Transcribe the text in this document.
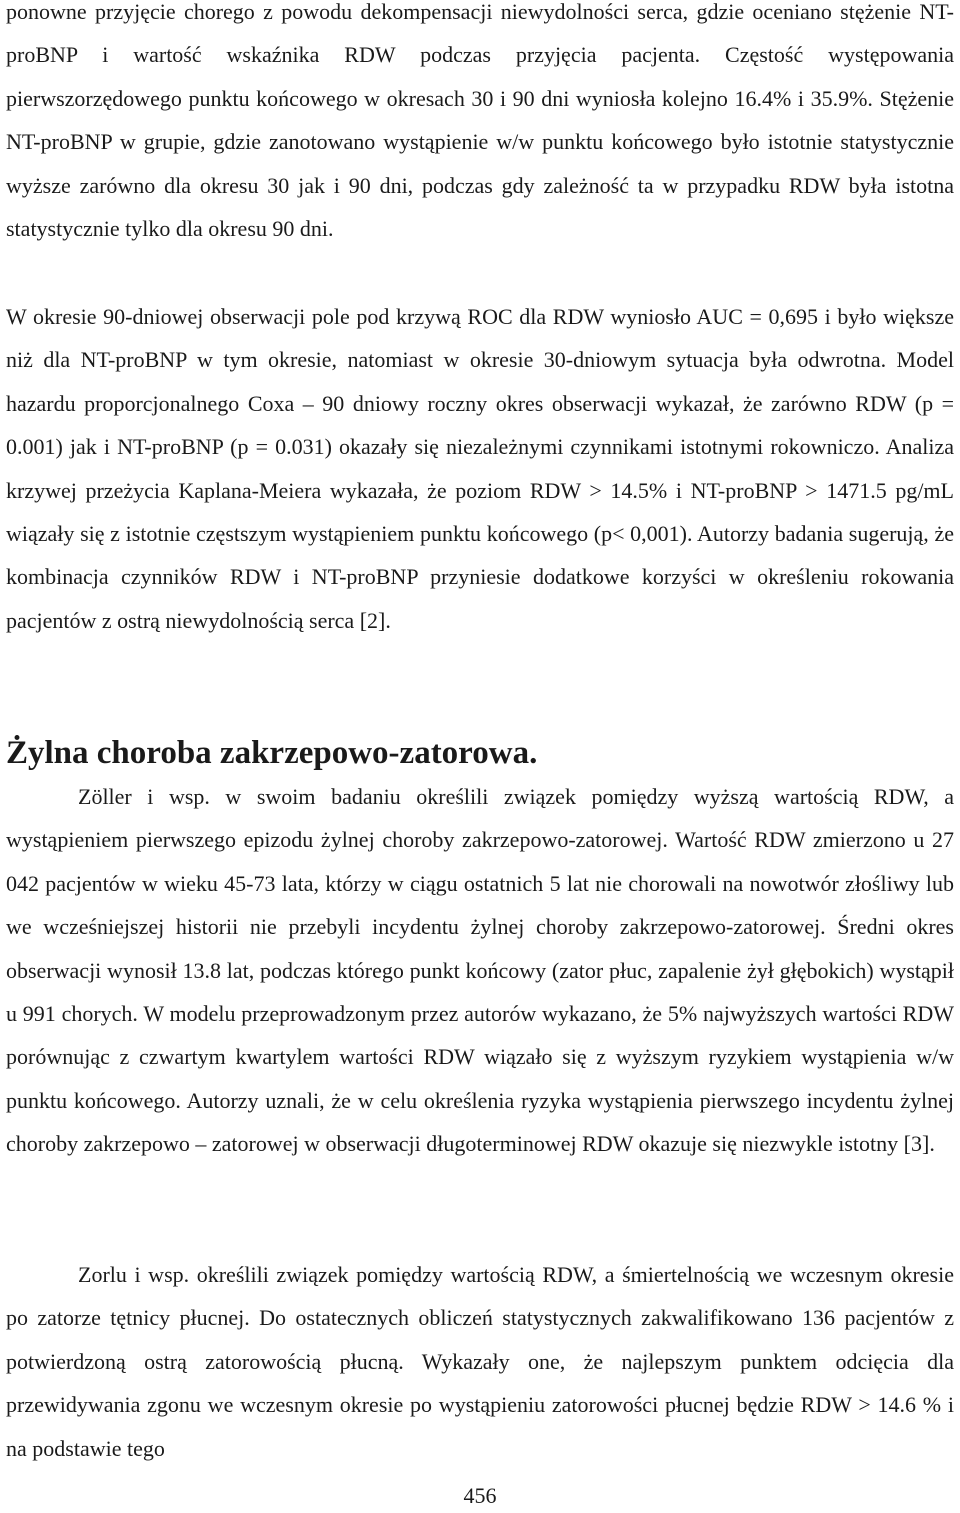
ponowne przyjęcie chorego z powodu dekompensacji niewydolności serca, gdzie oceniano stężenie NT-proBNP i wartość wskaźnika RDW podczas przyjęcia pacjenta. Częstość występowania pierwszorzędowego punktu końcowego w okresach 30 i 90 dni wyniosła kolejno 16.4% i 35.9%. Stężenie NT-proBNP w grupie, gdzie zanotowano wystąpienie w/w punktu końcowego było istotnie statystycznie wyższe zarówno dla okresu 30 jak i 90 dni, podczas gdy zależność ta w przypadku RDW była istotna statystycznie tylko dla okresu 90 dni.

W okresie 90-dniowej obserwacji pole pod krzywą ROC dla RDW wyniosło AUC = 0,695 i było większe niż dla NT-proBNP w tym okresie, natomiast w okresie 30-dniowym sytuacja była odwrotna. Model hazardu proporcjonalnego Coxa – 90 dniowy roczny okres obserwacji wykazał, że zarówno RDW (p = 0.001) jak i NT-proBNP (p = 0.031) okazały się niezależnymi czynnikami istotnymi rokowniczo. Analiza krzywej przeżycia Kaplana-Meiera wykazała, że poziom RDW > 14.5% i NT-proBNP > 1471.5 pg/mL wiązały się z istotnie częstszym wystąpieniem punktu końcowego (p< 0,001). Autorzy badania sugerują, że kombinacja czynników RDW i NT-proBNP przyniesie dodatkowe korzyści w określeniu rokowania pacjentów z ostrą niewydolnością serca [2].

Żylna choroba zakrzepowo-zatorowa.

Zöller i wsp. w swoim badaniu określili związek pomiędzy wyższą wartością RDW, a wystąpieniem pierwszego epizodu żylnej choroby zakrzepowo-zatorowej. Wartość RDW zmierzono u 27 042 pacjentów w wieku 45-73 lata, którzy w ciągu ostatnich 5 lat nie chorowali na nowotwór złośliwy lub we wcześniejszej historii nie przebyli incydentu żylnej choroby zakrzepowo-zatorowej. Średni okres obserwacji wynosił 13.8 lat, podczas którego punkt końcowy (zator płuc, zapalenie żył głębokich) wystąpił u 991 chorych. W modelu przeprowadzonym przez autorów wykazano, że 5% najwyższych wartości RDW porównując z czwartym kwartylem wartości RDW wiązało się z wyższym ryzykiem wystąpienia w/w punktu końcowego. Autorzy uznali, że w celu określenia ryzyka wystąpienia pierwszego incydentu żylnej choroby zakrzepowo – zatorowej w obserwacji długoterminowej RDW okazuje się niezwykle istotny [3].

Zorlu i wsp. określili związek pomiędzy wartością RDW, a śmiertelnością we wczesnym okresie po zatorze tętnicy płucnej. Do ostatecznych obliczeń statystycznych zakwalifikowano 136 pacjentów z potwierdzoną ostrą zatorowością płucną. Wykazały one, że najlepszym punktem odcięcia dla przewidywania zgonu we wczesnym okresie po wystąpieniu zatorowości płucnej będzie RDW > 14.6 % i na podstawie tego

456
